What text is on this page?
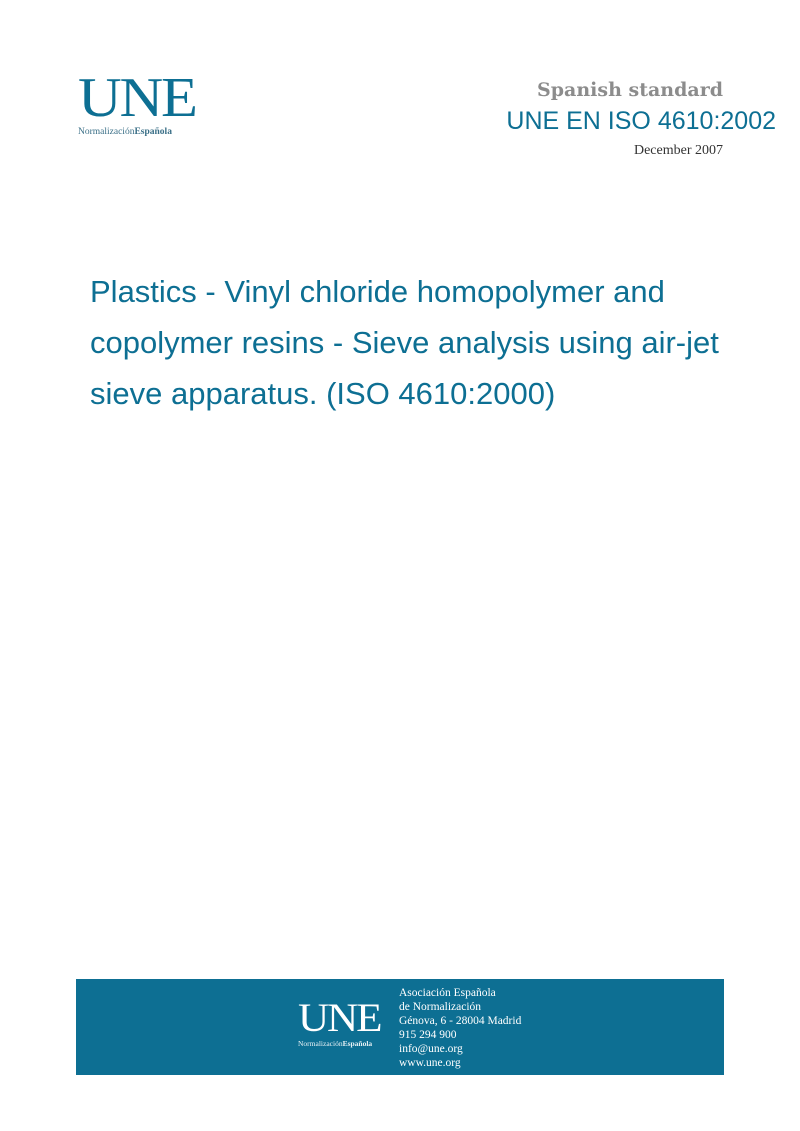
UNE
NormalizaciónEspañola
Spanish standard
UNE EN ISO 4610:2002
December 2007
Plastics - Vinyl chloride homopolymer and copolymer resins - Sieve analysis using air-jet sieve apparatus. (ISO 4610:2000)
UNE
NormalizaciónEspañola
Asociación Española
de Normalización
Génova, 6 - 28004 Madrid
915 294 900
info@une.org
www.une.org
